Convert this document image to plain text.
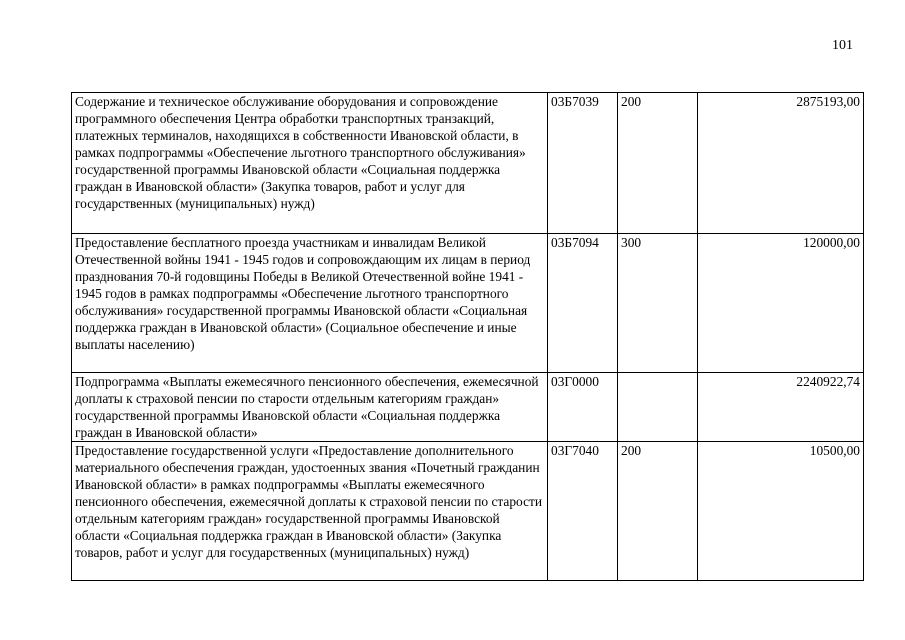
101
Содержание и техническое обслуживание оборудования и сопровождение программного обеспечения Центра обработки транспортных транзакций, платежных терминалов, находящихся в собственности Ивановской области, в рамках подпрограммы «Обеспечение льготного транспортного обслуживания» государственной программы Ивановской области «Социальная поддержка граждан в Ивановской области» (Закупка товаров, работ и услуг для государственных (муниципальных) нужд)	03Б7039	200	2875193,00
Предоставление бесплатного проезда участникам и инвалидам Великой Отечественной войны 1941 - 1945 годов и сопровождающим их лицам в период празднования 70-й годовщины Победы в Великой Отечественной войне 1941 - 1945 годов в рамках подпрограммы «Обеспечение льготного транспортного обслуживания» государственной программы Ивановской области «Социальная поддержка граждан в Ивановской области» (Социальное обеспечение и иные выплаты населению)	03Б7094	300	120000,00
Подпрограмма «Выплаты ежемесячного пенсионного обеспечения, ежемесячной доплаты к страховой пенсии по старости отдельным категориям граждан» государственной программы Ивановской области «Социальная поддержка граждан в Ивановской области»	03Г0000		2240922,74
Предоставление государственной услуги «Предоставление дополнительного материального обеспечения граждан, удостоенных звания «Почетный гражданин Ивановской области» в рамках подпрограммы «Выплаты ежемесячного пенсионного обеспечения, ежемесячной доплаты к страховой пенсии по старости отдельным категориям граждан» государственной программы Ивановской области «Социальная поддержка граждан в Ивановской области» (Закупка товаров, работ и услуг для государственных (муниципальных) нужд)	03Г7040	200	10500,00
